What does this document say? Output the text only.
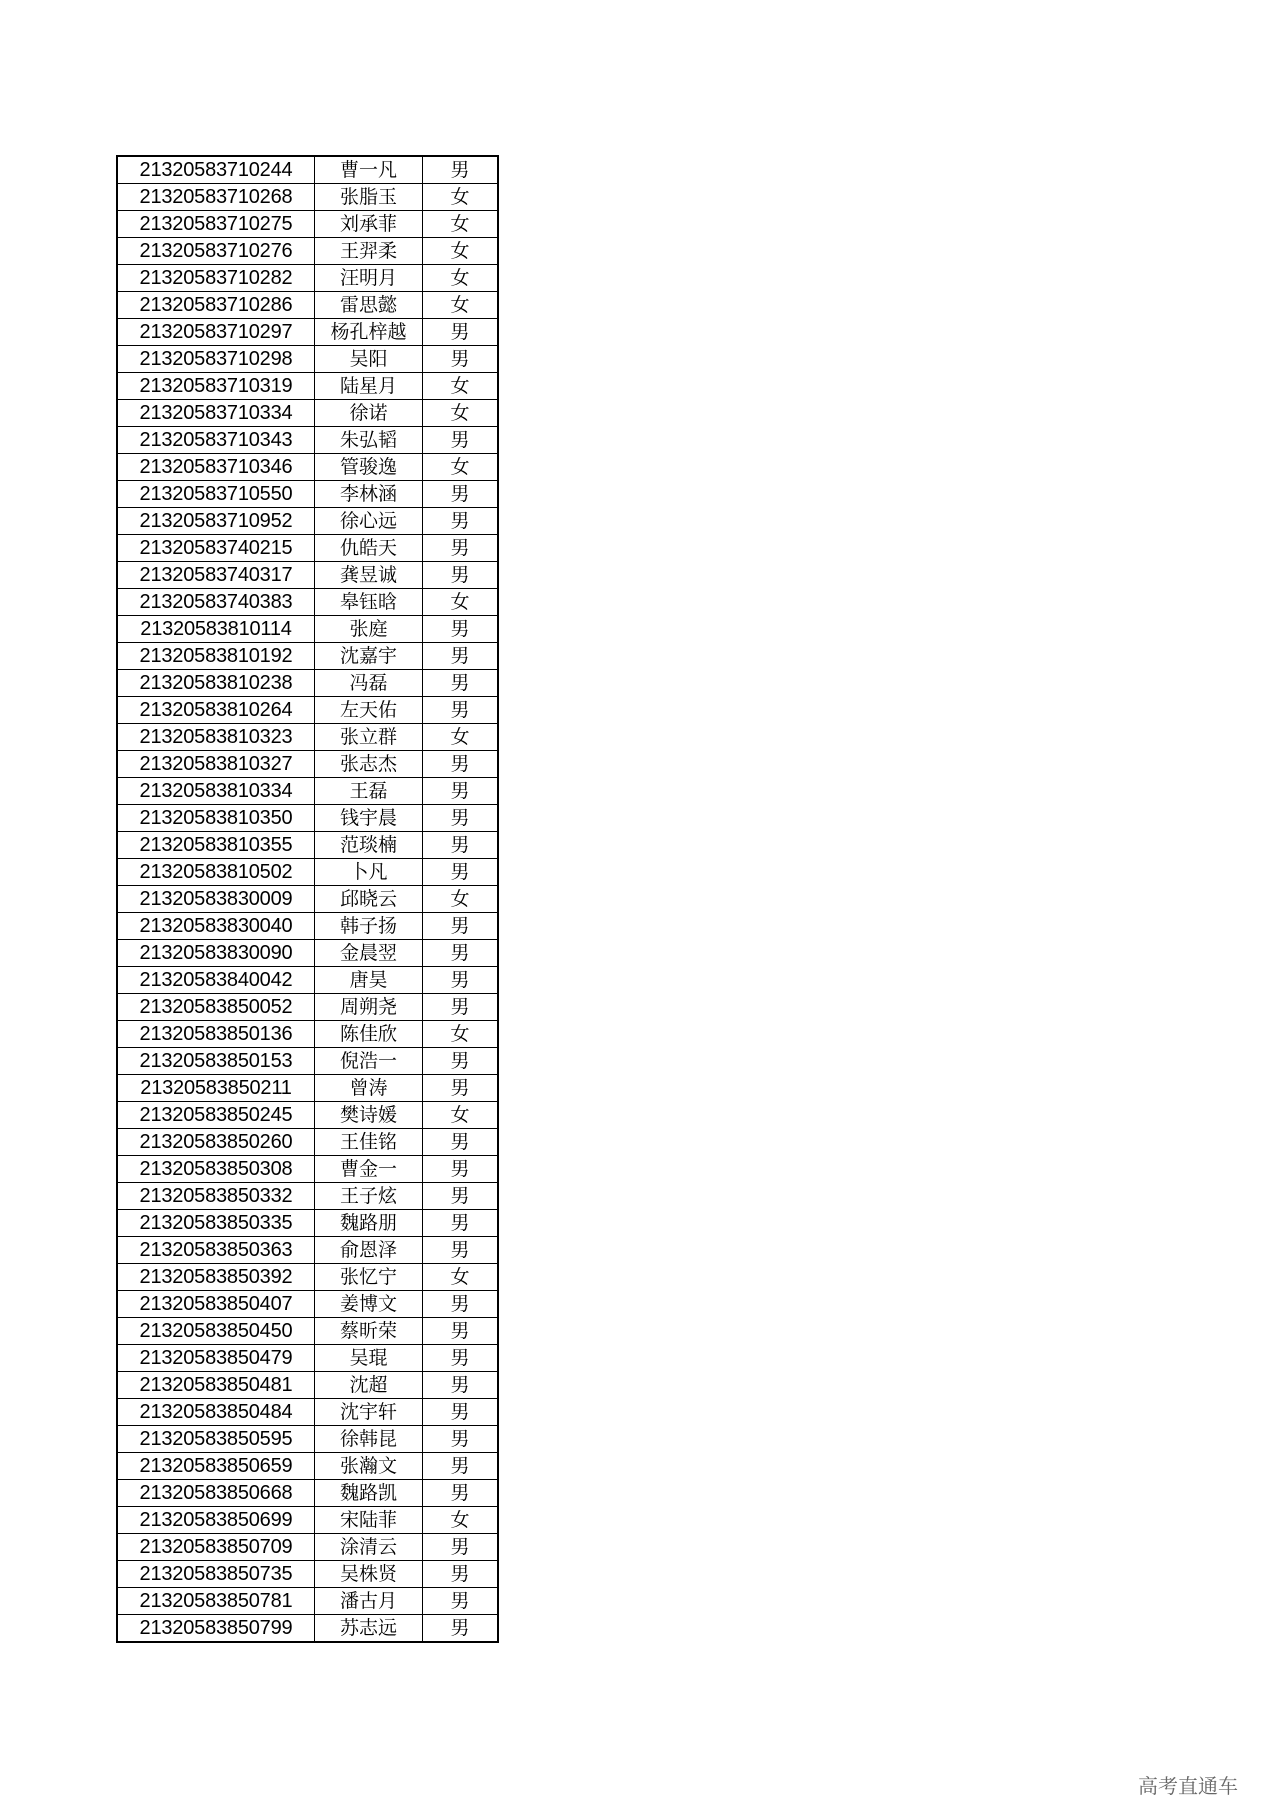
21320583710244	曹一凡	男
21320583710268	张脂玉	女
21320583710275	刘承菲	女
21320583710276	王羿柔	女
21320583710282	汪明月	女
21320583710286	雷思懿	女
21320583710297	杨孔梓越	男
21320583710298	吴阳	男
21320583710319	陆星月	女
21320583710334	徐诺	女
21320583710343	朱弘韬	男
21320583710346	管骏逸	女
21320583710550	李林涵	男
21320583710952	徐心远	男
21320583740215	仇皓天	男
21320583740317	龚昱诚	男
21320583740383	皋钰晗	女
21320583810114	张庭	男
21320583810192	沈嘉宇	男
21320583810238	冯磊	男
21320583810264	左天佑	男
21320583810323	张立群	女
21320583810327	张志杰	男
21320583810334	王磊	男
21320583810350	钱宇晨	男
21320583810355	范琰楠	男
21320583810502	卜凡	男
21320583830009	邱晓云	女
21320583830040	韩子扬	男
21320583830090	金晨翌	男
21320583840042	唐昊	男
21320583850052	周朔尧	男
21320583850136	陈佳欣	女
21320583850153	倪浩一	男
21320583850211	曾涛	男
21320583850245	樊诗媛	女
21320583850260	王佳铭	男
21320583850308	曹金一	男
21320583850332	王子炫	男
21320583850335	魏路朋	男
21320583850363	俞恩泽	男
21320583850392	张忆宁	女
21320583850407	姜博文	男
21320583850450	蔡昕荣	男
21320583850479	吴琨	男
21320583850481	沈超	男
21320583850484	沈宇轩	男
21320583850595	徐韩昆	男
21320583850659	张瀚文	男
21320583850668	魏路凯	男
21320583850699	宋陆菲	女
21320583850709	涂清云	男
21320583850735	吴株贤	男
21320583850781	潘古月	男
21320583850799	苏志远	男
高考直通车
